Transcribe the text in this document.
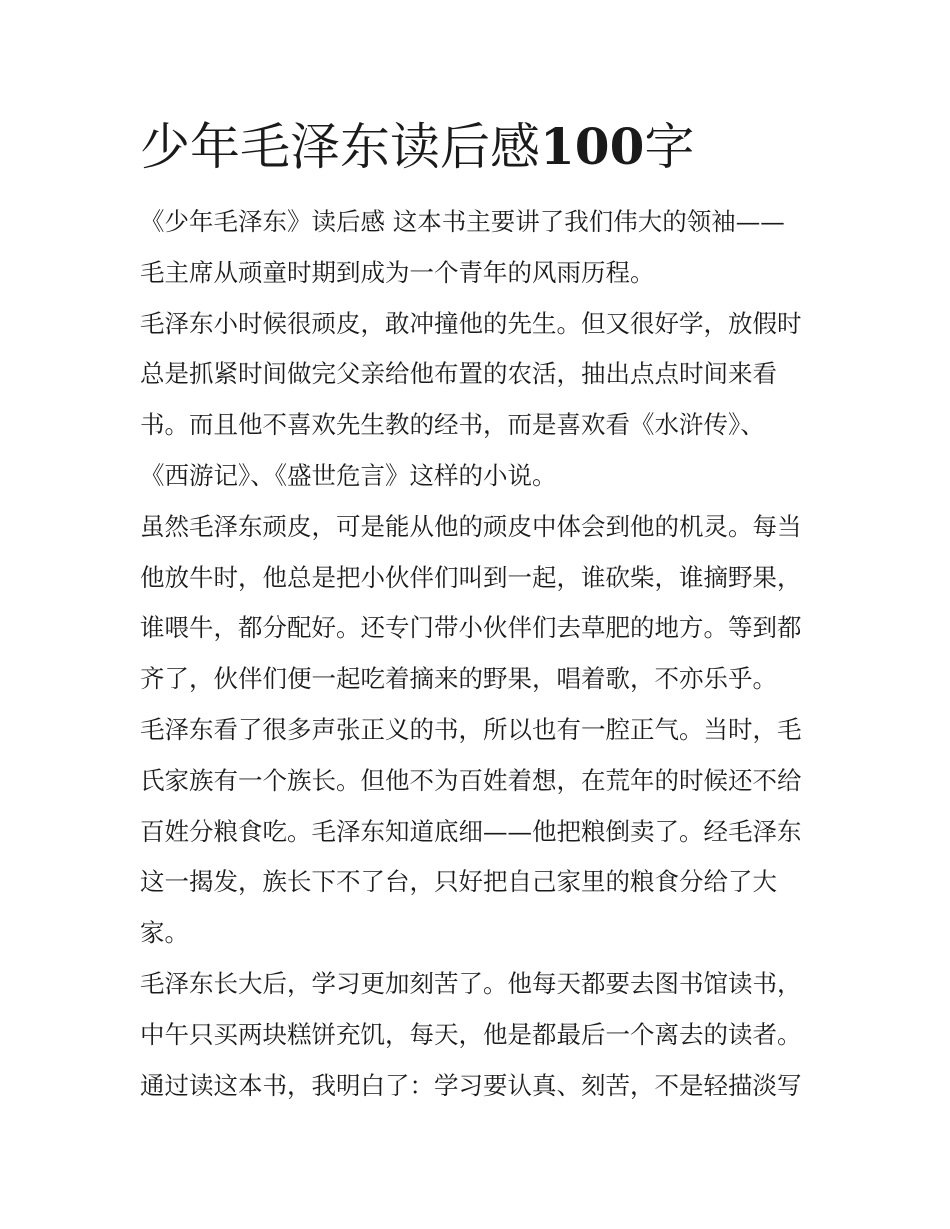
少年毛泽东读后感100字
《少年毛泽东》读后感 这本书主要讲了我们伟大的领袖——
毛主席从顽童时期到成为一个青年的风雨历程。
毛泽东小时候很顽皮，敢冲撞他的先生。但又很好学，放假时
总是抓紧时间做完父亲给他布置的农活，抽出点点时间来看
书。而且他不喜欢先生教的经书，而是喜欢看《水浒传》、
《西游记》、《盛世危言》这样的小说。
虽然毛泽东顽皮，可是能从他的顽皮中体会到他的机灵。每当
他放牛时，他总是把小伙伴们叫到一起，谁砍柴，谁摘野果，
谁喂牛，都分配好。还专门带小伙伴们去草肥的地方。等到都
齐了，伙伴们便一起吃着摘来的野果，唱着歌，不亦乐乎。
毛泽东看了很多声张正义的书，所以也有一腔正气。当时，毛
氏家族有一个族长。但他不为百姓着想，在荒年的时候还不给
百姓分粮食吃。毛泽东知道底细——他把粮倒卖了。经毛泽东
这一揭发，族长下不了台，只好把自己家里的粮食分给了大
家。
毛泽东长大后，学习更加刻苦了。他每天都要去图书馆读书，
中午只买两块糕饼充饥，每天，他是都最后一个离去的读者。
通过读这本书，我明白了：学习要认真、刻苦，不是轻描淡写
